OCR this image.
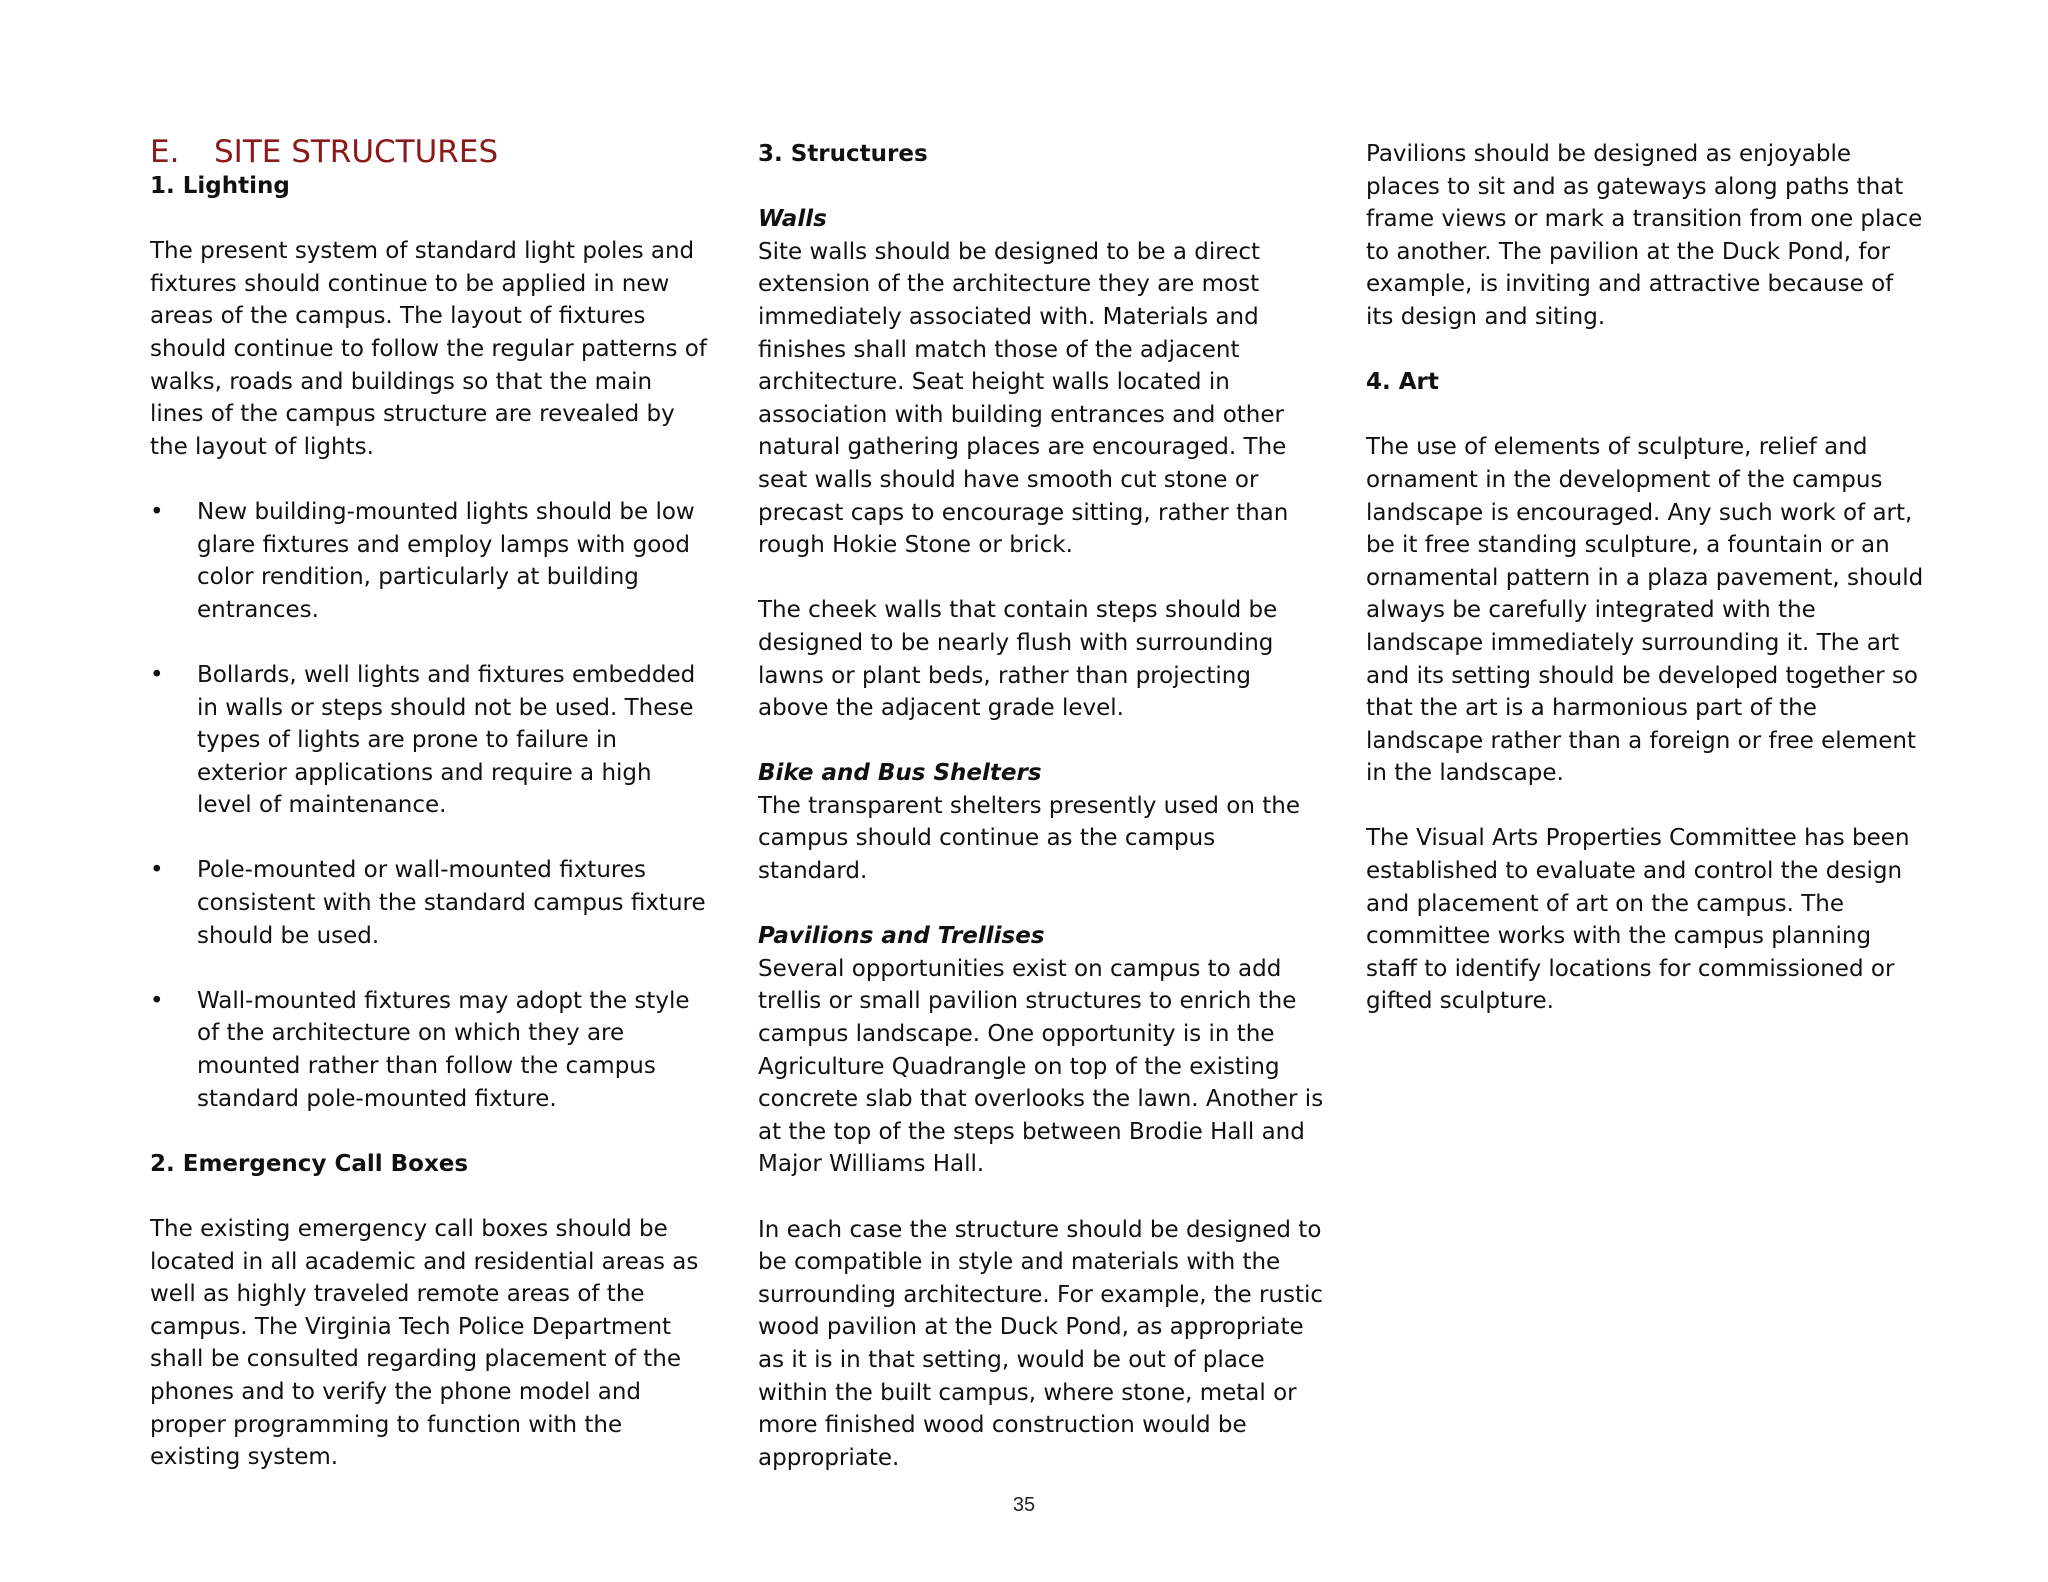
E. SITE STRUCTURES
1. Lighting

The present system of standard light poles and fixtures should continue to be applied in new areas of the campus. The layout of fixtures should continue to follow the regular patterns of walks, roads and buildings so that the main lines of the campus structure are revealed by the layout of lights.

• New building-mounted lights should be low glare fixtures and employ lamps with good color rendition, particularly at building entrances.
• Bollards, well lights and fixtures embedded in walls or steps should not be used. These types of lights are prone to failure in exterior applications and require a high level of maintenance.
• Pole-mounted or wall-mounted fixtures consistent with the standard campus fixture should be used.
• Wall-mounted fixtures may adopt the style of the architecture on which they are mounted rather than follow the campus standard pole-mounted fixture.
2. Emergency Call Boxes

The existing emergency call boxes should be located in all academic and residential areas as well as highly traveled remote areas of the campus. The Virginia Tech Police Department shall be consulted regarding placement of the phones and to verify the phone model and proper programming to function with the existing system.

3. Structures
Walls

Site walls should be designed to be a direct extension of the architecture they are most immediately associated with. Materials and finishes shall match those of the adjacent architecture. Seat height walls located in association with building entrances and other natural gathering places are encouraged. The seat walls should have smooth cut stone or precast caps to encourage sitting, rather than rough Hokie Stone or brick.

The cheek walls that contain steps should be designed to be nearly flush with surrounding lawns or plant beds, rather than projecting above the adjacent grade level.

Bike and Bus Shelters

The transparent shelters presently used on the campus should continue as the campus standard.

Pavilions and Trellises

Several opportunities exist on campus to add trellis or small pavilion structures to enrich the campus landscape. One opportunity is in the Agriculture Quadrangle on top of the existing concrete slab that overlooks the lawn. Another is at the top of the steps between Brodie Hall and Major Williams Hall.

In each case the structure should be designed to be compatible in style and materials with the surrounding architecture. For example, the rustic wood pavilion at the Duck Pond, as appropriate as it is in that setting, would be out of place within the built campus, where stone, metal or more finished wood construction would be appropriate.

Pavilions should be designed as enjoyable places to sit and as gateways along paths that frame views or mark a transition from one place to another. The pavilion at the Duck Pond, for example, is inviting and attractive because of its design and siting.

4. Art

The use of elements of sculpture, relief and ornament in the development of the campus landscape is encouraged. Any such work of art, be it free standing sculpture, a fountain or an ornamental pattern in a plaza pavement, should always be carefully integrated with the landscape immediately surrounding it. The art and its setting should be developed together so that the art is a harmonious part of the landscape rather than a foreign or free element in the landscape.

The Visual Arts Properties Committee has been established to evaluate and control the design and placement of art on the campus. The committee works with the campus planning staff to identify locations for commissioned or gifted sculpture.

35
